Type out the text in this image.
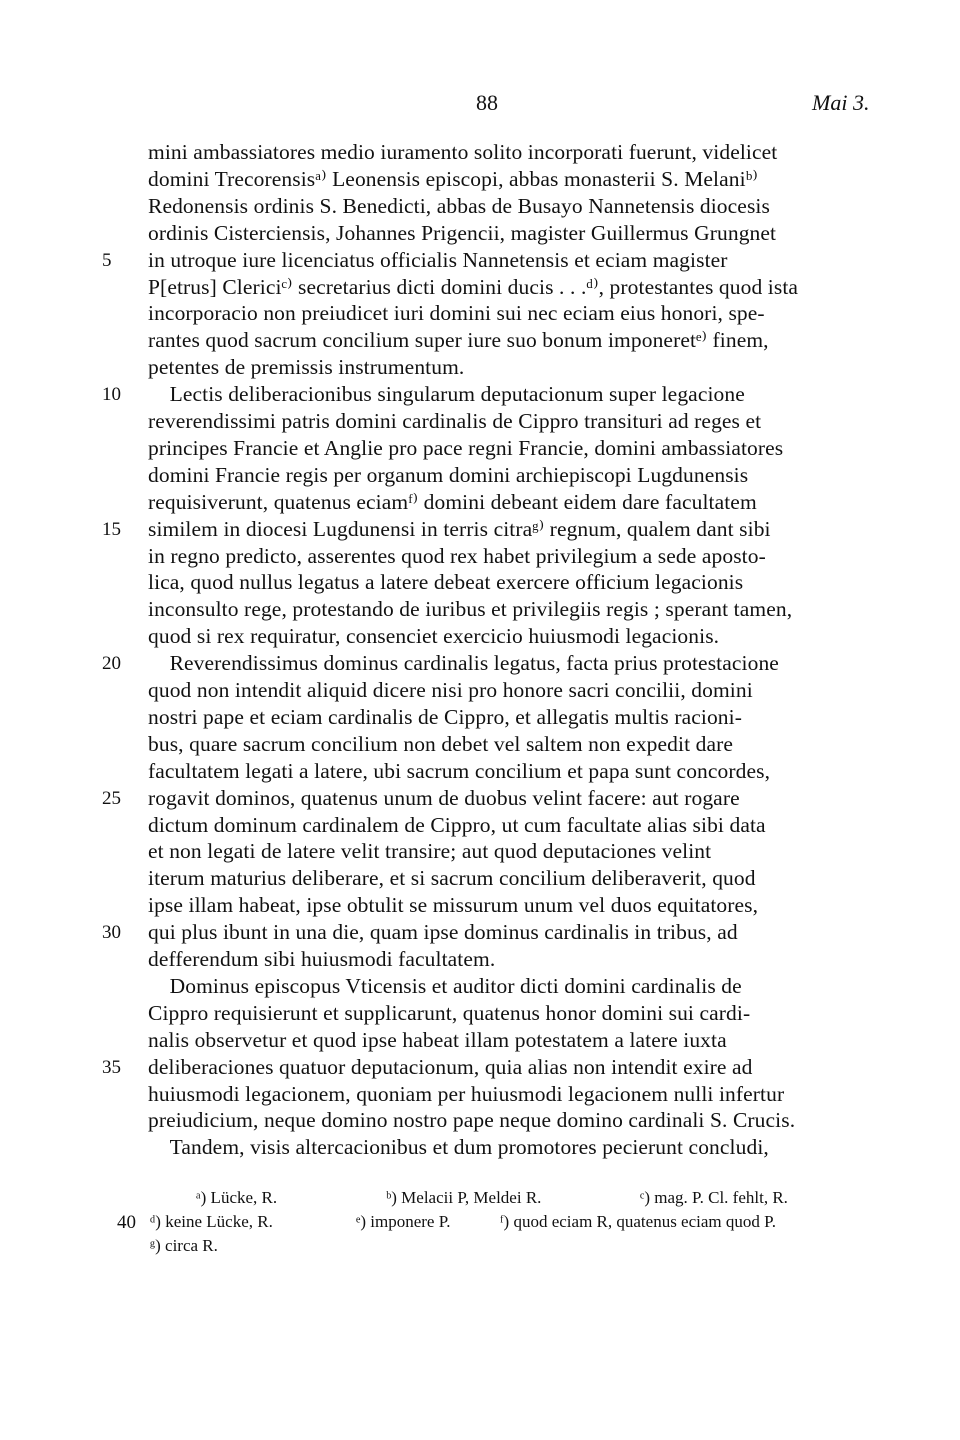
88	Mai 3.
mini ambassiatores medio iuramento solito incorporati fuerunt, videlicet
domini Trecorensisᵃ⁾ Leonensis episcopi, abbas monasterii S. Melaniᵇ⁾
Redonensis ordinis S. Benedicti, abbas de Busayo Nannetensis diocesis
ordinis Cisterciensis, Johannes Prigencii, magister Guillermus Grungnet
5 in utroque iure licenciatus officialis Nannetensis et eciam magister
P[etrus] Clericiᶜ⁾ secretarius dicti domini ducis . . .ᵈ⁾, protestantes quod ista
incorporacio non preiudicet iuri domini sui nec eciam eius honori, spe-
rantes quod sacrum concilium super iure suo bonum imponeretᵉ⁾ finem,
petentes de premissis instrumentum.
10  Lectis deliberacionibus singularum deputacionum super legacione
reverendissimi patris domini cardinalis de Cippro transituri ad reges et
principes Francie et Anglie pro pace regni Francie, domini ambassiatores
domini Francie regis per organum domini archiepiscopi Lugdunensis
requisiverunt, quatenus eciamᶠ⁾ domini debeant eidem dare facultatem
15 similem in diocesi Lugdunensi in terris citraᵍ⁾ regnum, qualem dant sibi
in regno predicto, asserentes quod rex habet privilegium a sede aposto-
lica, quod nullus legatus a latere debeat exercere officium legacionis
inconsulto rege, protestando de iuribus et privilegiis regis ; sperant tamen,
quod si rex requiratur, consenciet exercicio huiusmodi legacionis.
20  Reverendissimus dominus cardinalis legatus, facta prius protestacione
quod non intendit aliquid dicere nisi pro honore sacri concilii, domini
nostri pape et eciam cardinalis de Cippro, et allegatis multis racioni-
bus, quare sacrum concilium non debet vel saltem non expedit dare
facultatem legati a latere, ubi sacrum concilium et papa sunt concordes,
25 rogavit dominos, quatenus unum de duobus velint facere: aut rogare
dictum dominum cardinalem de Cippro, ut cum facultate alias sibi data
et non legati de latere velit transire; aut quod deputaciones velint
iterum maturius deliberare, et si sacrum concilium deliberaverit, quod
ipse illam habeat, ipse obtulit se missurum unum vel duos equitatores,
30 qui plus ibunt in una die, quam ipse dominus cardinalis in tribus, ad
defferendum sibi huiusmodi facultatem.
 Dominus episcopus Vticensis et auditor dicti domini cardinalis de
Cippro requisierunt et supplicarunt, quatenus honor domini sui cardi-
nalis observetur et quod ipse habeat illam potestatem a latere iuxta
35 deliberaciones quatuor deputacionum, quia alias non intendit exire ad
huiusmodi legacionem, quoniam per huiusmodi legacionem nulli infertur
preiudicium, neque domino nostro pape neque domino cardinali S. Crucis.
 Tandem, visis altercacionibus et dum promotores pecierunt concludi,
ᵃ) Lücke, R.	ᵇ) Melacii P, Meldei R.	ᶜ) mag. P. Cl. fehlt, R.
40 ᵈ) keine Lücke, R.	ᵉ) imponere P.	ᶠ) quod eciam R, quatenus eciam quod P.
ᵍ) circa R.
